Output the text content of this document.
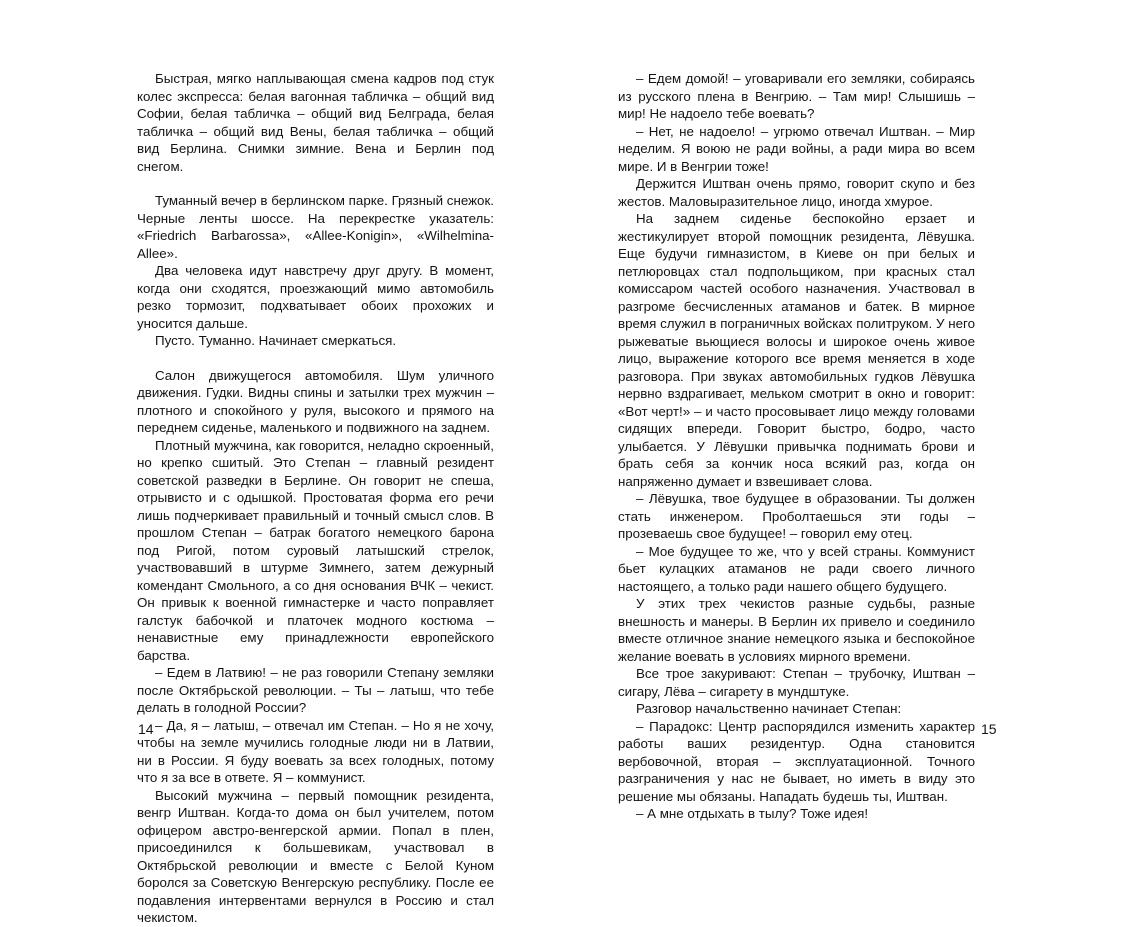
Быстрая, мягко наплывающая смена кадров под стук колес экспресса: белая вагонная табличка – общий вид Софии, белая табличка – общий вид Белграда, белая табличка – общий вид Вены, белая табличка – общий вид Берлина. Снимки зимние. Вена и Берлин под снегом.

Туманный вечер в берлинском парке. Грязный снежок. Черные ленты шоссе. На перекрестке указатель: «Friedrich Barbarossa», «Allee-Konigin», «Wilhelmina-Allee».

Два человека идут навстречу друг другу. В момент, когда они сходятся, проезжающий мимо автомобиль резко тормозит, подхватывает обоих прохожих и уносится дальше.

Пусто. Туманно. Начинает смеркаться.

Салон движущегося автомобиля. Шум уличного движения. Гудки. Видны спины и затылки трех мужчин – плотного и спокойного у руля, высокого и прямого на переднем сиденье, маленького и подвижного на заднем.

Плотный мужчина, как говорится, неладно скроенный, но крепко сшитый. Это Степан – главный резидент советской разведки в Берлине. Он говорит не спеша, отрывисто и с одышкой. Простоватая форма его речи лишь подчеркивает правильный и точный смысл слов. В прошлом Степан – батрак богатого немецкого барона под Ригой, потом суровый латышский стрелок, участвовавший в штурме Зимнего, затем дежурный комендант Смольного, а со дня основания ВЧК – чекист. Он привык к военной гимнастерке и часто поправляет галстук бабочкой и платочек модного костюма – ненавистные ему принадлежности европейского барства.

– Едем в Латвию! – не раз говорили Степану земляки после Октябрьской революции. – Ты – латыш, что тебе делать в голодной России?

– Да, я – латыш, – отвечал им Степан. – Но я не хочу, чтобы на земле мучились голодные люди ни в Латвии, ни в России. Я буду воевать за всех голодных, потому что я за все в ответе. Я – коммунист.

Высокий мужчина – первый помощник резидента, венгр Иштван. Когда-то дома он был учителем, потом офицером австро-венгерской армии. Попал в плен, присоединился к большевикам, участвовал в Октябрьской революции и вместе с Белой Куном боролся за Советскую Венгерскую республику. После ее подавления интервентами вернулся в Россию и стал чекистом.

– Едем домой! – уговаривали его земляки, собираясь из русского плена в Венгрию. – Там мир! Слышишь – мир! Не надоело тебе воевать?

– Нет, не надоело! – угрюмо отвечал Иштван. – Мир неделим. Я воюю не ради войны, а ради мира во всем мире. И в Венгрии тоже!

Держится Иштван очень прямо, говорит скупо и без жестов. Маловыразительное лицо, иногда хмурое.

На заднем сиденье беспокойно ерзает и жестикулирует второй помощник резидента, Лёвушка. Еще будучи гимназистом, в Киеве он при белых и петлюровцах стал подпольщиком, при красных стал комиссаром частей особого назначения. Участвовал в разгроме бесчисленных атаманов и батек. В мирное время служил в пограничных войсках политруком. У него рыжеватые вьющиеся волосы и широкое очень живое лицо, выражение которого все время меняется в ходе разговора. При звуках автомобильных гудков Лёвушка нервно вздрагивает, мельком смотрит в окно и говорит: «Вот черт!» – и часто просовывает лицо между головами сидящих впереди. Говорит быстро, бодро, часто улыбается. У Лёвушки привычка поднимать брови и брать себя за кончик носа всякий раз, когда он напряженно думает и взвешивает слова.

– Лёвушка, твое будущее в образовании. Ты должен стать инженером. Проболтаешься эти годы – прозеваешь свое будущее! – говорил ему отец.

– Мое будущее то же, что у всей страны. Коммунист бьет кулацких атаманов не ради своего личного настоящего, а только ради нашего общего будущего.

У этих трех чекистов разные судьбы, разные внешность и манеры. В Берлин их привело и соединило вместе отличное знание немецкого языка и беспокойное желание воевать в условиях мирного времени.

Все трое закуривают: Степан – трубочку, Иштван – сигару, Лёва – сигарету в мундштуке.

Разговор начальственно начинает Степан:

– Парадокс: Центр распорядился изменить характер работы ваших резидентур. Одна становится вербовочной, вторая – эксплуатационной. Точного разграничения у нас не бывает, но иметь в виду это решение мы обязаны. Нападать будешь ты, Иштван.

– А мне отдыхать в тылу? Тоже идея!

14	15
